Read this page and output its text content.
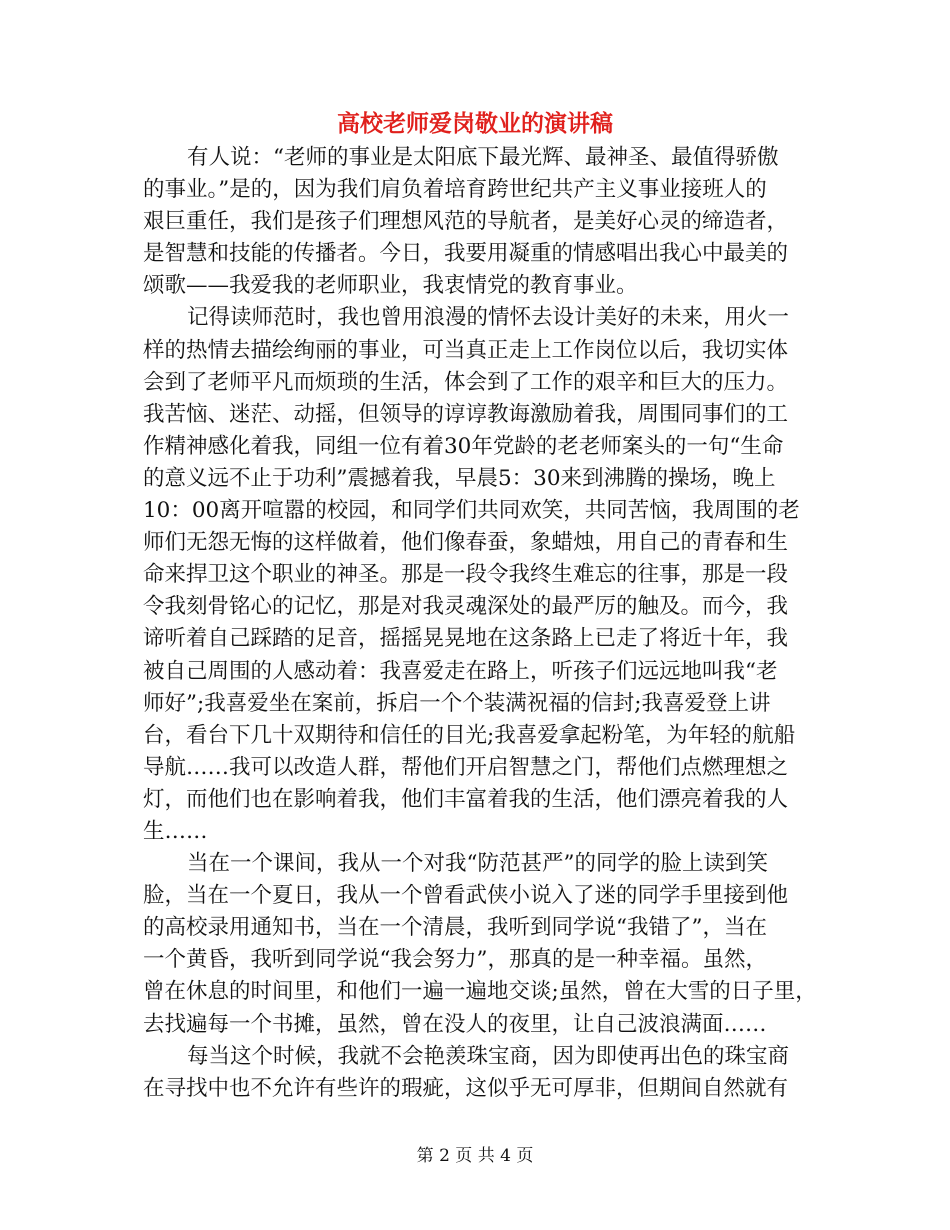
高校老师爱岗敬业的演讲稿
有人说：“老师的事业是太阳底下最光辉、最神圣、最值得骄傲
的事业。”是的，因为我们肩负着培育跨世纪共产主义事业接班人的
艰巨重任，我们是孩子们理想风范的导航者，是美好心灵的缔造者，
是智慧和技能的传播者。今日，我要用凝重的情感唱出我心中最美的
颂歌——我爱我的老师职业，我衷情党的教育事业。
记得读师范时，我也曾用浪漫的情怀去设计美好的未来，用火一
样的热情去描绘绚丽的事业，可当真正走上工作岗位以后，我切实体
会到了老师平凡而烦琐的生活，体会到了工作的艰辛和巨大的压力。
我苦恼、迷茫、动摇，但领导的谆谆教诲激励着我，周围同事们的工
作精神感化着我，同组一位有着30年党龄的老老师案头的一句“生命
的意义远不止于功利”震撼着我，早晨5：30来到沸腾的操场，晚上
10：00离开喧嚣的校园，和同学们共同欢笑，共同苦恼，我周围的老
师们无怨无悔的这样做着，他们像春蚕，象蜡烛，用自己的青春和生
命来捍卫这个职业的神圣。那是一段令我终生难忘的往事，那是一段
令我刻骨铭心的记忆，那是对我灵魂深处的最严厉的触及。而今，我
谛听着自己踩踏的足音，摇摇晃晃地在这条路上已走了将近十年，我
被自己周围的人感动着：我喜爱走在路上，听孩子们远远地叫我“老
师好”;我喜爱坐在案前，拆启一个个装满祝福的信封;我喜爱登上讲
台，看台下几十双期待和信任的目光;我喜爱拿起粉笔，为年轻的航船
导航……我可以改造人群，帮他们开启智慧之门，帮他们点燃理想之
灯，而他们也在影响着我，他们丰富着我的生活，他们漂亮着我的人
生……
当在一个课间，我从一个对我“防范甚严”的同学的脸上读到笑
脸，当在一个夏日，我从一个曾看武侠小说入了迷的同学手里接到他
的高校录用通知书，当在一个清晨，我听到同学说“我错了”，当在
一个黄昏，我听到同学说“我会努力”，那真的是一种幸福。虽然，
曾在休息的时间里，和他们一遍一遍地交谈;虽然，曾在大雪的日子里，
去找遍每一个书摊，虽然，曾在没人的夜里，让自己波浪满面……
每当这个时候，我就不会艳羡珠宝商，因为即使再出色的珠宝商
在寻找中也不允许有些许的瑕疵，这似乎无可厚非，但期间自然就有
第 2 页 共 4 页
